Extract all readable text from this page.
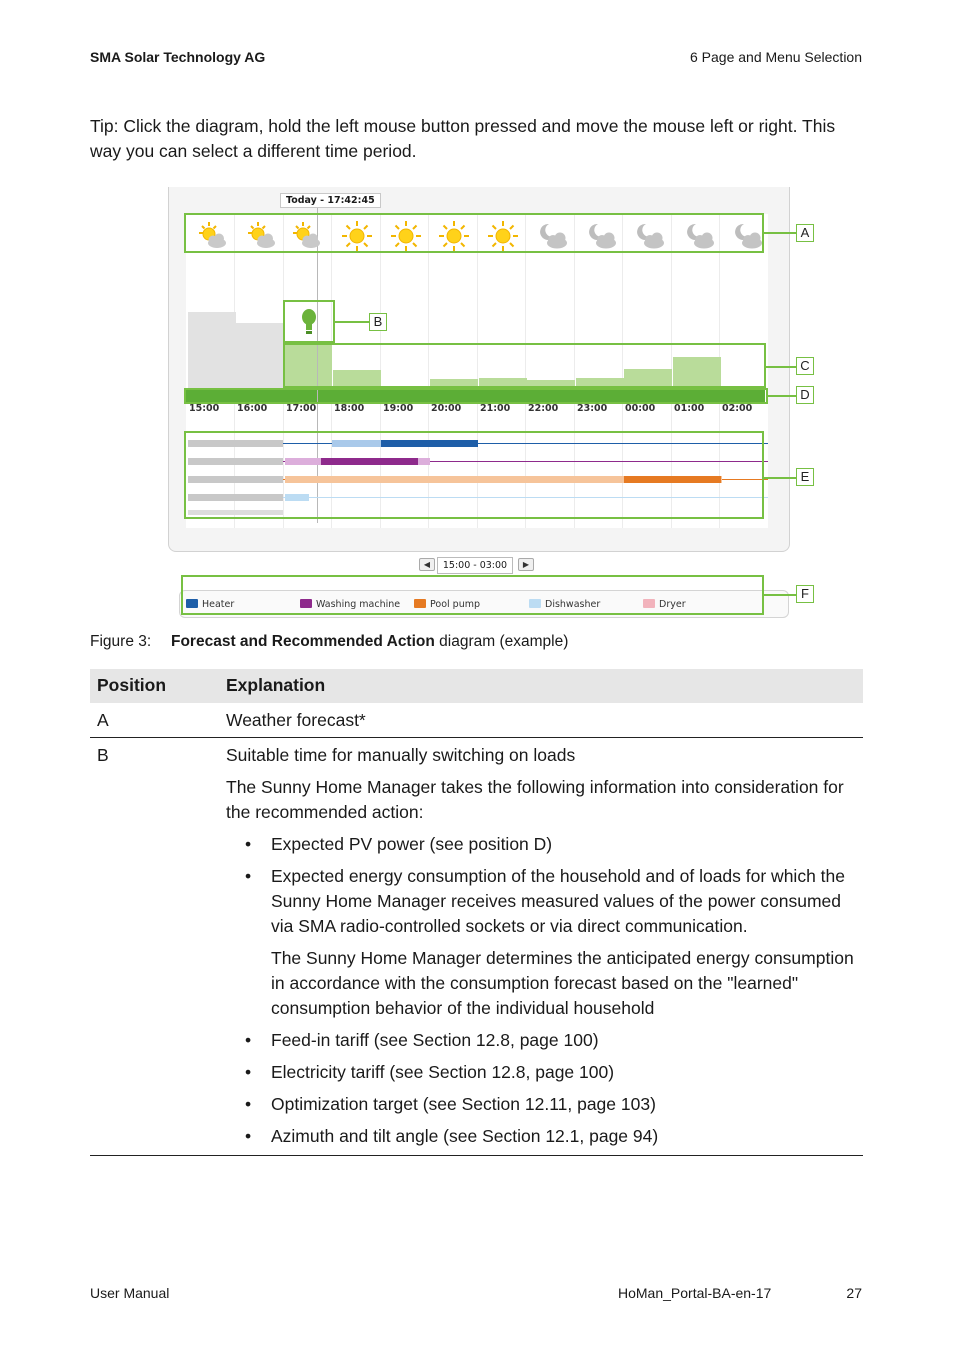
SMA Solar Technology AG	6 Page and Menu Selection
Tip: Click the diagram, hold the left mouse button pressed and move the mouse left or right. This way you can select a different time period.
15:00 16:00 17:00 18:00 19:00 20:00 21:00 22:00 23:00 00:00 01:00 02:00
Today - 17:42:45
A
B
C
D
E
◀	15:00 - 03:00	▶
Heater	Washing machine	Pool pump	Dishwasher	Dryer
F
Figure 3: Forecast and Recommended Action diagram (example)
Position	Explanation
A	Weather forecast*
B	Suitable time for manually switching on loads

The Sunny Home Manager takes the following information into consideration for the recommended action:

• Expected PV power (see position D)
• Expected energy consumption of the household and of loads for which the Sunny Home Manager receives measured values of the power consumed via SMA radio-controlled sockets or via direct communication.
The Sunny Home Manager determines the anticipated energy consumption in accordance with the consumption forecast based on the "learned" consumption behavior of the individual household
• Feed-in tariff (see Section 12.8, page 100)
• Electricity tariff (see Section 12.8, page 100)
• Optimization target (see Section 12.11, page 103)
• Azimuth and tilt angle (see Section 12.1, page 94)
User Manual	HoMan_Portal-BA-en-17	27
